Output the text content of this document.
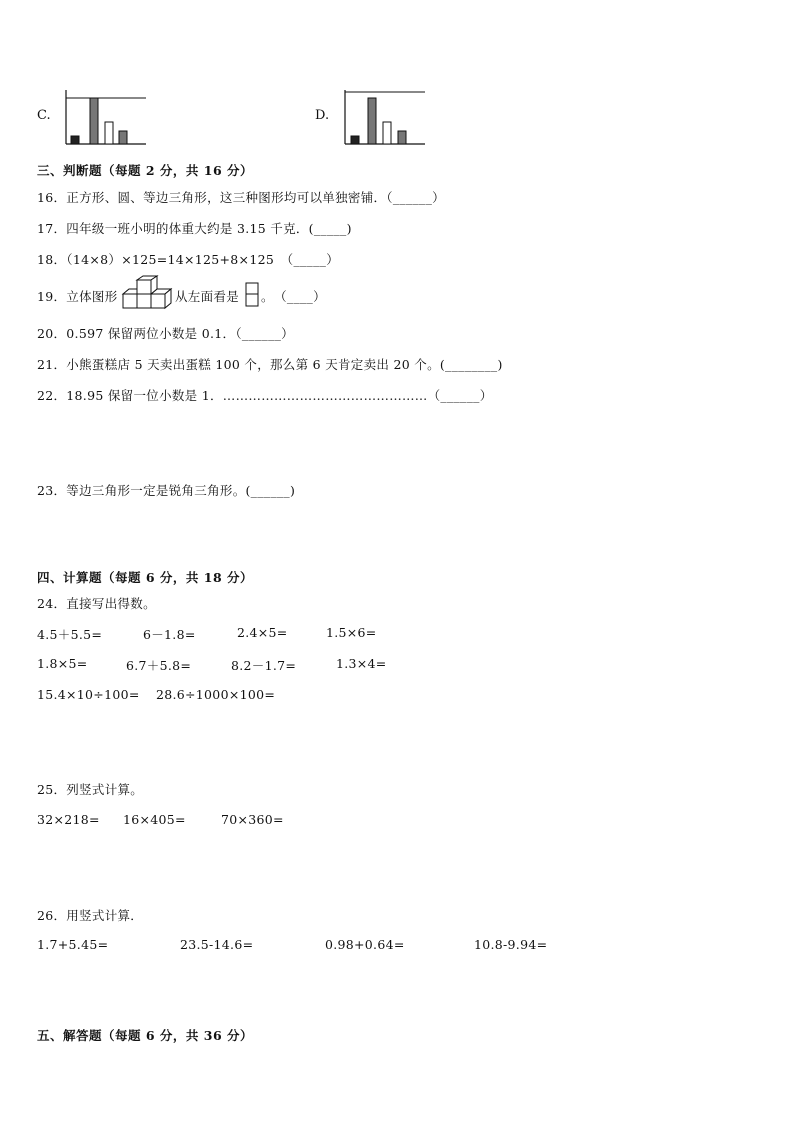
C.	D.
三、判断题（每题 2 分，共 16 分）
16．正方形、圆、等边三角形，这三种图形均可以单独密铺．（______）
17．四年级一班小明的体重大约是 3.15 千克．(_____)
18．（14×8）×125=14×125+8×125　（_____）
19．立体图形	从左面看是 。　（____）
20．0.597 保留两位小数是 0.1．（______）
21．小熊蛋糕店 5 天卖出蛋糕 100 个，那么第 6 天肯定卖出 20 个。(________)
22．18.95 保留一位小数是 1．…………………………………………（______）
23．等边三角形一定是锐角三角形。(______)
四、计算题（每题 6 分，共 18 分）
24．直接写出得数。
4.5＋5.5=	6－1.8=	2.4×5=	1.5×6=
1.8×5=	6.7＋5.8=	8.2－1.7=	1.3×4=
15.4×10÷100= 28.6÷1000×100=
25．列竖式计算。
32×218= 16×405=	70×360=
26．用竖式计算．
1.7+5.45=	23.5-14.6=	0.98+0.64=	10.8-9.94=
五、解答题（每题 6 分，共 36 分）
